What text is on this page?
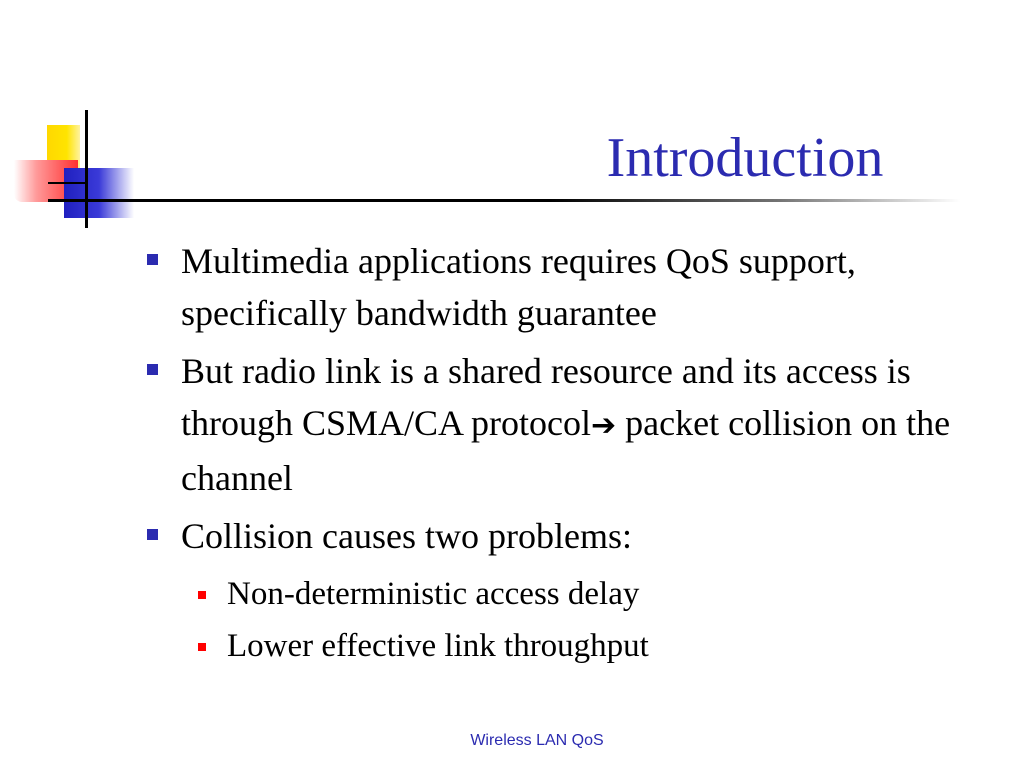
Introduction
Multimedia applications requires QoS support, specifically bandwidth guarantee
But radio link is a shared resource and its access is through CSMA/CA protocol➔ packet collision on the channel
Collision causes two problems:
Non-deterministic access delay
Lower effective link throughput
Wireless LAN QoS
